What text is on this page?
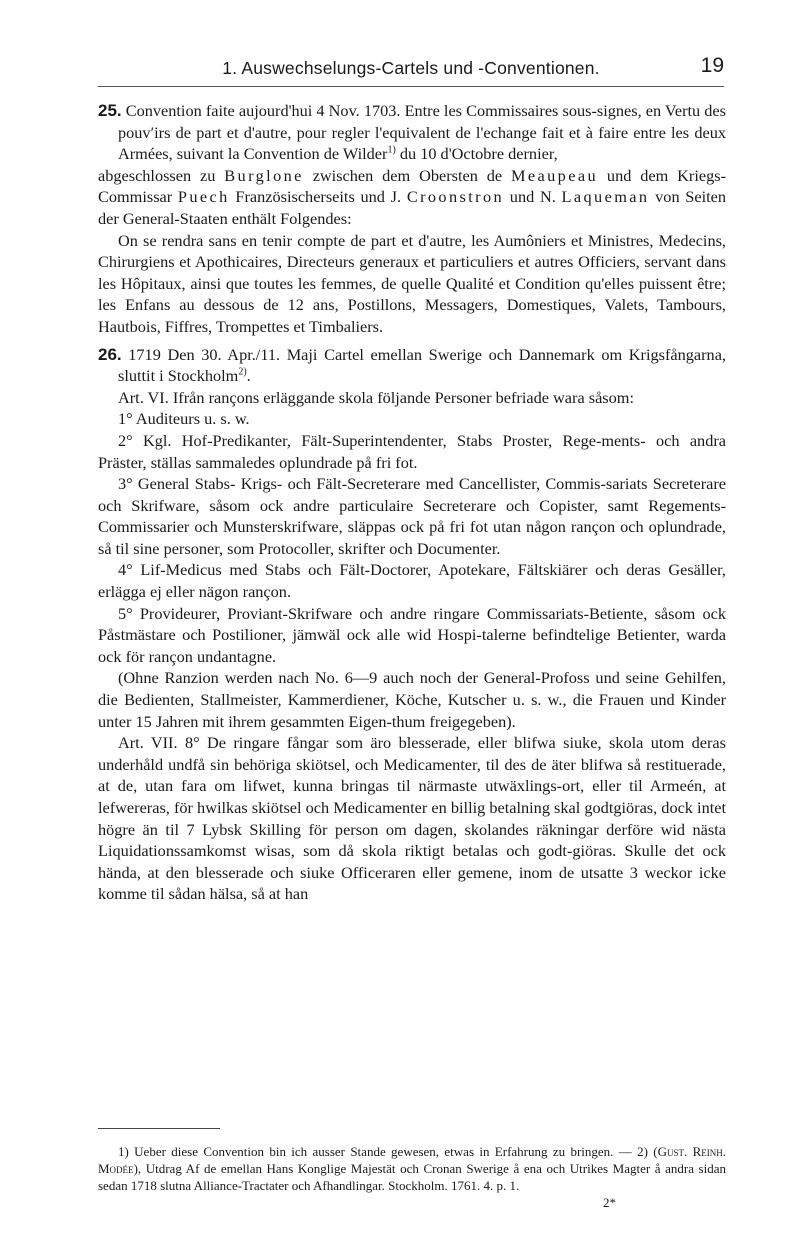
1. Auswechselungs-Cartels und -Conventionen.	19

25. Convention faite aujourd'hui 4 Nov. 1703. Entre les Commissaires sous-signes, en Vertu des pouv′irs de part et d'autre, pour regler l'equivalent de l'echange fait et à faire entre les deux Armées, suivant la Convention de Wilder$^{1)}$ du 10 d'Octobre dernier,

abgeschlossen zu Burglone zwischen dem Obersten de Meaupeau und dem Kriegs-Commissar Puech Französischerseits und J. Croonstron und N. Laqueman von Seiten der General-Staaten enthält Folgendes:

On se rendra sans en tenir compte de part et d'autre, les Aumôniers et Ministres, Medecins, Chirurgiens et Apothicaires, Directeurs generaux et particuliers et autres Officiers, servant dans les Hôpitaux, ainsi que toutes les femmes, de quelle Qualité et Condition qu'elles puissent être; les Enfans au dessous de 12 ans, Postillons, Messagers, Domestiques, Valets, Tambours, Hautbois, Fiffres, Trompettes et Timbaliers.

26. 1719 Den 30. Apr./11. Maji Cartel emellan Swerige och Dannemark om Krigsfångarna, sluttit i Stockholm$^{2)}$.

Art. VI. Ifrån rançons erläggande skola följande Personer befriade wara såsom:

1° Auditeurs u. s. w.

2° Kgl. Hof-Predikanter, Fält-Superintendenter, Stabs Proster, Rege-ments- och andra Präster, ställas sammaledes oplundrade på fri fot.

3° General Stabs- Krigs- och Fält-Secreterare med Cancellister, Commis-sariats Secreterare och Skrifware, såsom ock andre particulaire Secreterare och Copister, samt Regements-Commissarier och Munsterskrifware, släppas ock på fri fot utan någon rançon och oplundrade, så til sine personer, som Protocoller, skrifter och Documenter.

4° Lif-Medicus med Stabs och Fält-Doctorer, Apotekare, Fältskiärer och deras Gesäller, erlägga ej eller nägon rançon.

5° Provideurer, Proviant-Skrifware och andre ringare Commissariats-Betiente, såsom ock Påstmästare och Postilioner, jämwäl ock alle wid Hospi-talerne befindtelige Betienter, warda ock för rançon undantagne.

(Ohne Ranzion werden nach No. 6—9 auch noch der General-Profoss und seine Gehilfen, die Bedienten, Stallmeister, Kammerdiener, Köche, Kutscher u. s. w., die Frauen und Kinder unter 15 Jahren mit ihrem gesammten Eigen-thum freigegeben).

Art. VII. 8° De ringare fångar som äro blesserade, eller blifwa siuke, skola utom deras underhåld undfå sin behöriga skiötsel, och Medicamenter, til des de äter blifwa så restituerade, at de, utan fara om lifwet, kunna bringas til närmaste utwäxlings-ort, eller til Armeén, at lefwereras, för hwilkas skiötsel och Medicamenter en billig betalning skal godtgiöras, dock intet högre än til 7 Lybsk Skilling för person om dagen, skolandes räkningar derföre wid nästa Liquidationssamkomst wisas, som då skola riktigt betalas och godt-giöras. Skulle det ock hända, at den blesserade och siuke Officeraren eller gemene, inom de utsatte 3 weckor icke komme til sådan hälsa, så at han

1) Ueber diese Convention bin ich ausser Stande gewesen, etwas in Erfahrung zu bringen. — 2) (Gust. Reinh. Modée), Utdrag Af de emellan Hans Konglige Majestät och Cronan Swerige å ena och Utrikes Magter å andra sidan sedan 1718 slutna Alliance-Tractater och Afhandlingar. Stockholm. 1761. 4. p. 1.

2*
